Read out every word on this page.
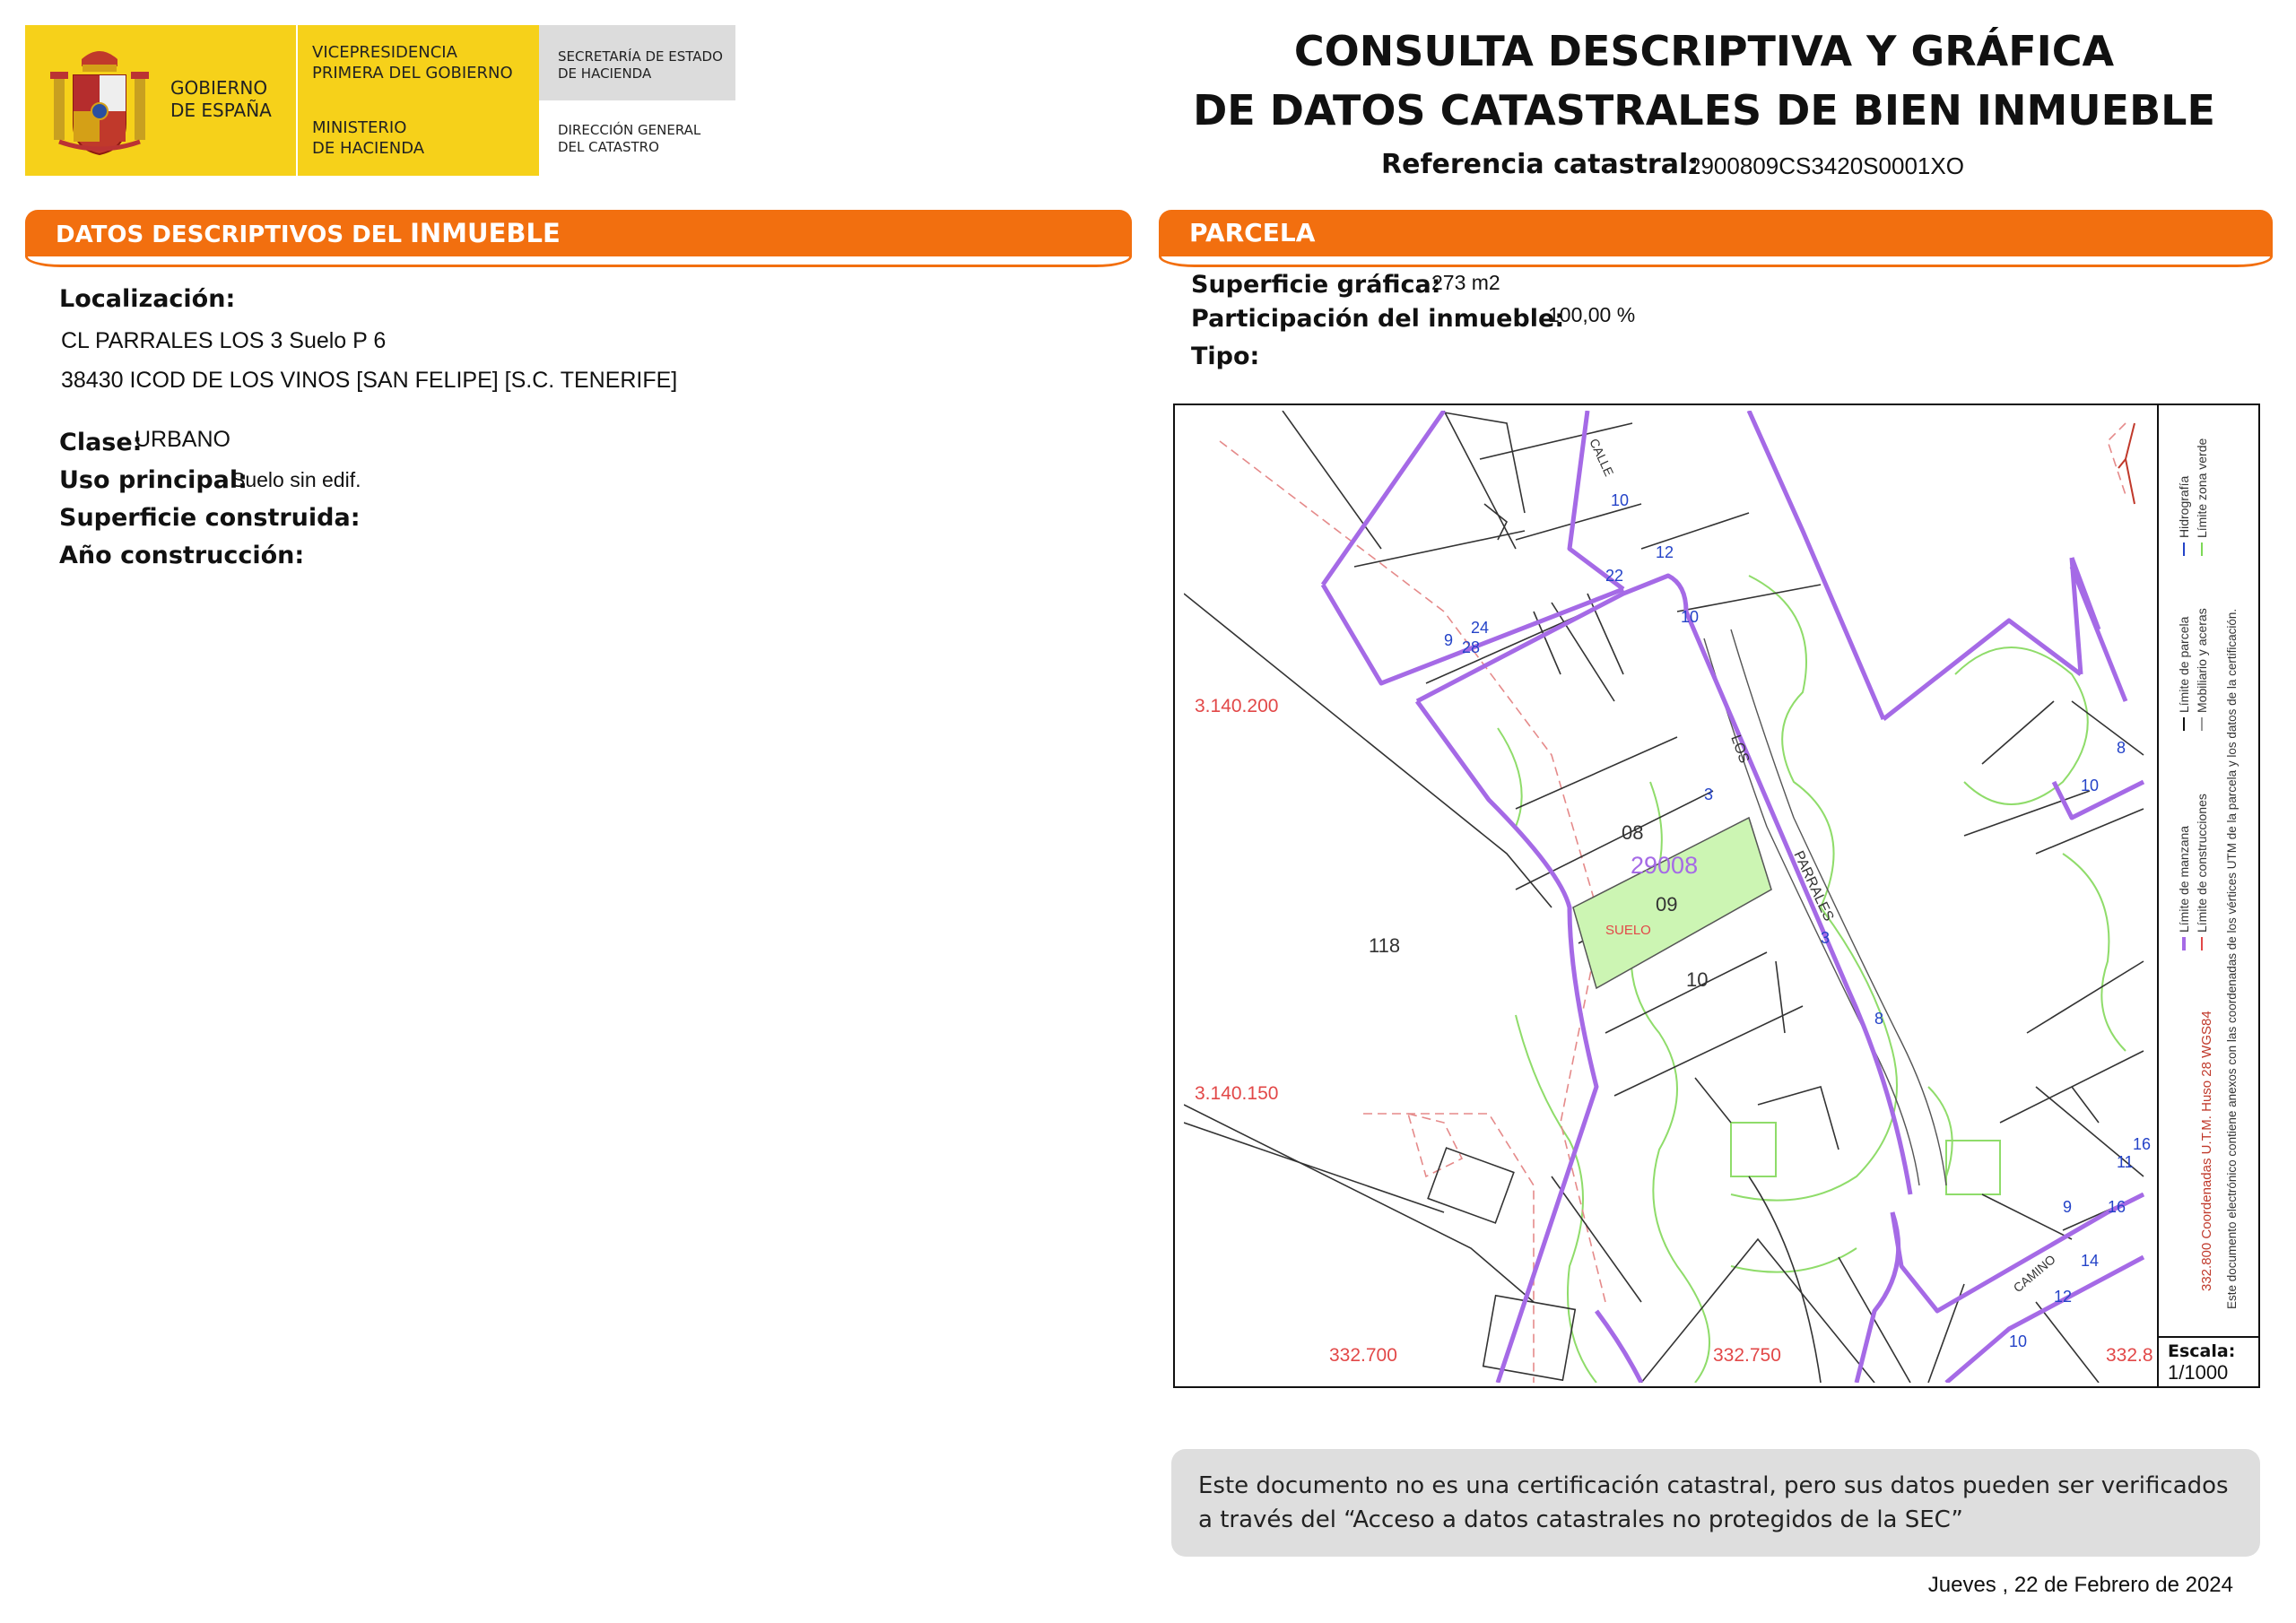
GOBIERNO
DE ESPAÑA
VICEPRESIDENCIA
PRIMERA DEL GOBIERNO
MINISTERIO
DE HACIENDA
SECRETARÍA DE ESTADO
DE HACIENDA
DIRECCIÓN GENERAL
DEL CATASTRO
CONSULTA DESCRIPTIVA Y GRÁFICA
DE DATOS CATASTRALES DE BIEN INMUEBLE
Referencia catastral:
2900809CS3420S0001XO
DATOS DESCRIPTIVOS DEL INMUEBLE	PARCELA
Localización:
CL PARRALES LOS 3 Suelo P 6
38430 ICOD DE LOS VINOS [SAN FELIPE] [S.C. TENERIFE]
Clase:
URBANO
Uso principal:
Suelo sin edif.
Superficie construida:
Año construcción:
Superficie gráfica:
273 m2
Participación del inmueble:
100,00 %
Tipo:
3.140.200
3.140.150
332.700	332.750	332.8
29008
08
09
10
118
SUELO
LOS
PARRALES
CAMINO
CALLE
10
12
10
22
24
9 28
3
3
8
10
8
11
9 16
14
12
10
16
Límite de manzana
Límite de parcela
Hidrografía
Límite de construcciones
Mobiliario y aceras
Límite zona verde
332.800 Coordenadas U.T.M. Huso 28 WGS84 Este documento electrónico contiene anexos con las coordenadas de los vértices UTM de la parcela y los datos de la certificación.
Escala:
1/1000
Este documento no es una certificación catastral, pero sus datos pueden ser verificados a través del “Acceso a datos catastrales no protegidos de la SEC”
Jueves , 22 de Febrero de 2024
